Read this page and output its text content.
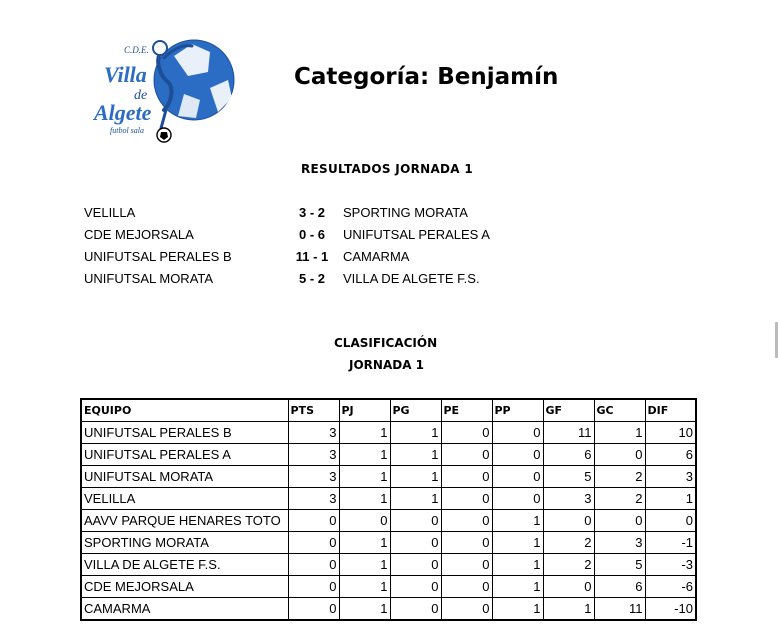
C.D.E.
Villa
de
Algete
futbol sala
Categoría: Benjamín
RESULTADOS JORNADA 1
VELILLA	3 - 2	SPORTING MORATA
CDE MEJORSALA	0 - 6	UNIFUTSAL PERALES A
UNIFUTSAL PERALES B	11 - 1	CAMARMA
UNIFUTSAL MORATA	5 - 2	VILLA DE ALGETE F.S.
CLASIFICACIÓN
JORNADA 1
EQUIPO	PTS	PJ	PG	PE	PP	GF	GC	DIF
UNIFUTSAL PERALES B	3	1	1	0	0	11	1	10
UNIFUTSAL PERALES A	3	1	1	0	0	6	0	6
UNIFUTSAL MORATA	3	1	1	0	0	5	2	3
VELILLA	3	1	1	0	0	3	2	1
AAVV PARQUE HENARES TOTO	0	0	0	0	1	0	0	0
SPORTING MORATA	0	1	0	0	1	2	3	-1
VILLA DE ALGETE F.S.	0	1	0	0	1	2	5	-3
CDE MEJORSALA	0	1	0	0	1	0	6	-6
CAMARMA	0	1	0	0	1	1	11	-10
